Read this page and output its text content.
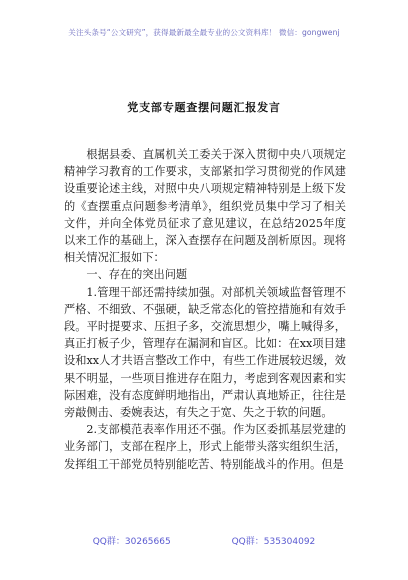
关注头条号“公文研究”，获得最新最全最专业的公文资料库！ 微信：gongwenj
党支部专题查摆问题汇报发言

根据县委、直属机关工委关于深入贯彻中央八项规定精神学习教育的工作要求，支部紧扣学习贯彻党的作风建设重要论述主线，对照中央八项规定精神特别是上级下发的《查摆重点问题参考清单》，组织党员集中学习了相关文件，并向全体党员征求了意见建议，在总结2025年度以来工作的基础上，深入查摆存在问题及剖析原因。现将相关情况汇报如下：

一、存在的突出问题

1.管理干部还需持续加强。对部机关领域监督管理不严格、不细致、不强硬，缺乏常态化的管控措施和有效手段。平时提要求、压担子多，交流思想少，嘴上喊得多，真正打板子少，管理存在漏洞和盲区。比如：在xx项目建设和xx人才共语言整改工作中，有些工作进展较迟缓，效果不明显，一些项目推进存在阻力，考虑到客观因素和实际困难，没有态度鲜明地指出，严肃认真地矫正，往往是旁敲侧击、委婉表达，有失之于宽、失之于软的问题。

2.支部模范表率作用还不强。作为区委抓基层党建的业务部门，支部在程序上，形式上能带头落实组织生活，发挥组工干部党员特别能吃苦、特别能战斗的作用。但是

QQ群：30265665	QQ群：535304092
